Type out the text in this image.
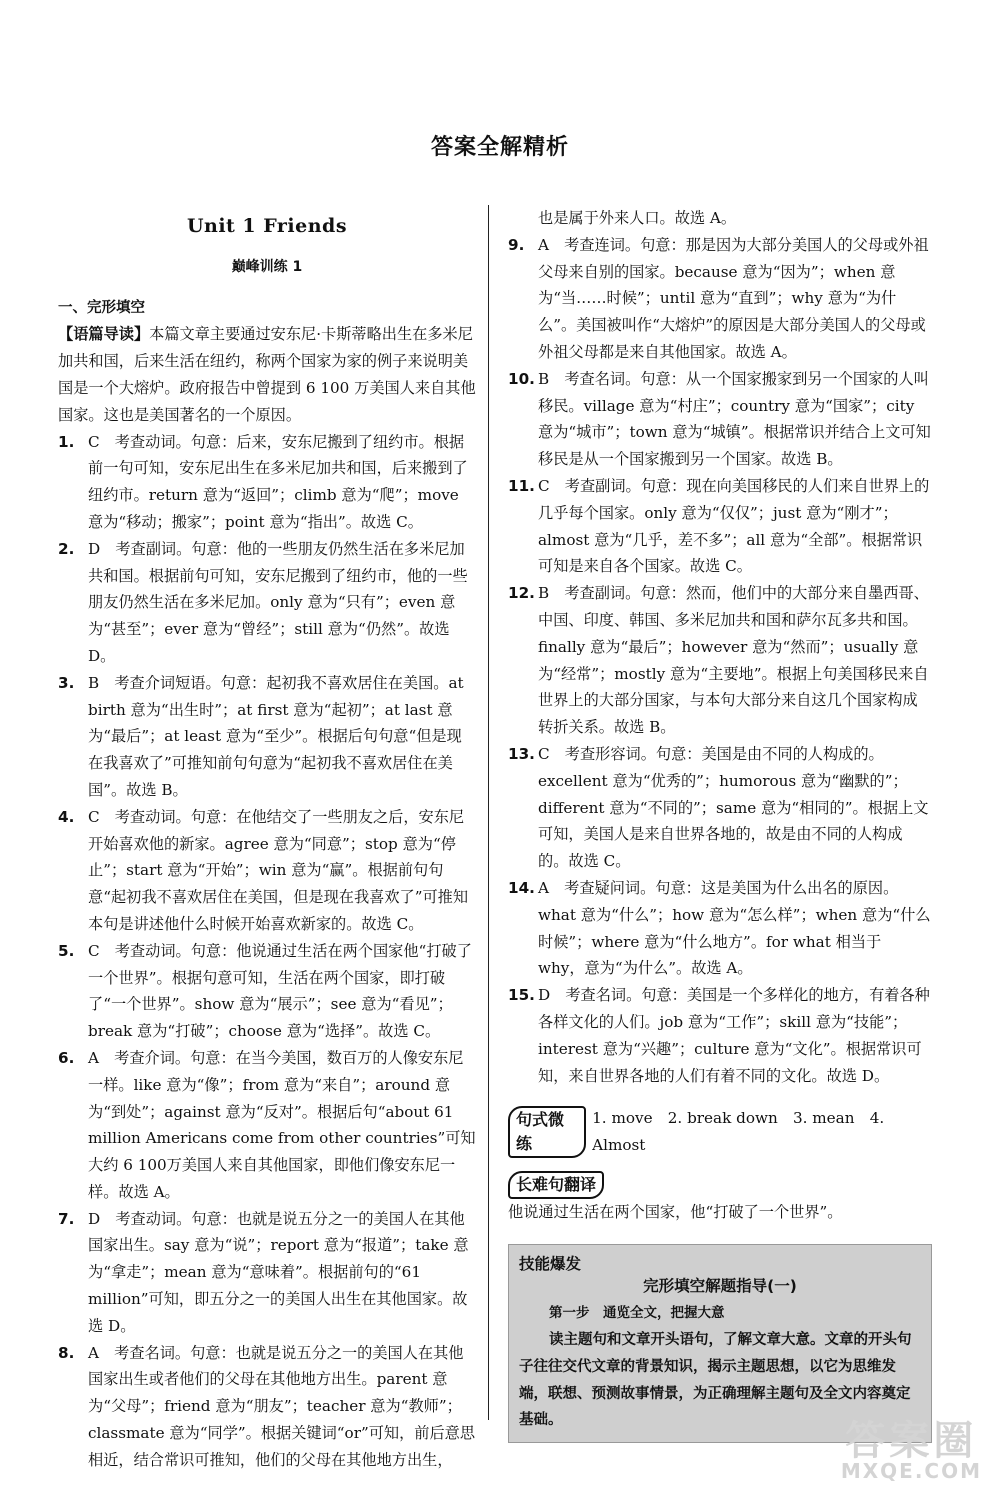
答案全解精析
Unit 1 Friends
巅峰训练 1
一、完形填空
【语篇导读】本篇文章主要通过安东尼·卡斯蒂略出生在多米尼加共和国，后来生活在纽约，称两个国家为家的例子来说明美国是一个大熔炉。政府报告中曾提到 6 100 万美国人来自其他国家。这也是美国著名的一个原因。
1. C　考查动词。句意：后来，安东尼搬到了纽约市。根据前一句可知，安东尼出生在多米尼加共和国，后来搬到了纽约市。return 意为“返回”；climb 意为“爬”；move 意为“移动；搬家”；point 意为“指出”。故选 C。
2. D　考查副词。句意：他的一些朋友仍然生活在多米尼加共和国。根据前句可知，安东尼搬到了纽约市，他的一些朋友仍然生活在多米尼加。only 意为“只有”；even 意为“甚至”；ever 意为“曾经”；still 意为“仍然”。故选 D。
3. B　考查介词短语。句意：起初我不喜欢居住在美国。at birth 意为“出生时”；at first 意为“起初”；at last 意为“最后”；at least 意为“至少”。根据后句句意“但是现在我喜欢了”可推知前句句意为“起初我不喜欢居住在美国”。故选 B。
4. C　考查动词。句意：在他结交了一些朋友之后，安东尼开始喜欢他的新家。agree 意为“同意”；stop 意为“停止”；start 意为“开始”；win 意为“赢”。根据前句句意“起初我不喜欢居住在美国，但是现在我喜欢了”可推知本句是讲述他什么时候开始喜欢新家的。故选 C。
5. C　考查动词。句意：他说通过生活在两个国家他“打破了一个世界”。根据句意可知，生活在两个国家，即打破了“一个世界”。show 意为“展示”；see 意为“看见”；break 意为“打破”；choose 意为“选择”。故选 C。
6. A　考查介词。句意：在当今美国，数百万的人像安东尼一样。like 意为“像”；from 意为“来自”；around 意为“到处”；against 意为“反对”。根据后句“about 61 million Americans come from other countries”可知大约 6 100万美国人来自其他国家，即他们像安东尼一样。故选 A。
7. D　考查动词。句意：也就是说五分之一的美国人在其他国家出生。say 意为“说”；report 意为“报道”；take 意为“拿走”；mean 意为“意味着”。根据前句的“61 million”可知，即五分之一的美国人出生在其他国家。故选 D。
8. A　考查名词。句意：也就是说五分之一的美国人在其他国家出生或者他们的父母在其他地方出生。parent 意为“父母”；friend 意为“朋友”；teacher 意为“教师”；classmate 意为“同学”。根据关键词“or”可知，前后意思相近，结合常识可推知，他们的父母在其他地方出生，
也是属于外来人口。故选 A。
9. A　考查连词。句意：那是因为大部分美国人的父母或外祖父母来自别的国家。because 意为“因为”；when 意为“当……时候”；until 意为“直到”；why 意为“为什么”。美国被叫作“大熔炉”的原因是大部分美国人的父母或外祖父母都是来自其他国家。故选 A。
10. B　考查名词。句意：从一个国家搬家到另一个国家的人叫移民。village 意为“村庄”；country 意为“国家”；city 意为“城市”；town 意为“城镇”。根据常识并结合上文可知移民是从一个国家搬到另一个国家。故选 B。
11. C　考查副词。句意：现在向美国移民的人们来自世界上的几乎每个国家。only 意为“仅仅”；just 意为“刚才”；almost 意为“几乎，差不多”；all 意为“全部”。根据常识可知是来自各个国家。故选 C。
12. B　考查副词。句意：然而，他们中的大部分来自墨西哥、中国、印度、韩国、多米尼加共和国和萨尔瓦多共和国。finally 意为“最后”；however 意为“然而”；usually 意为“经常”；mostly 意为“主要地”。根据上句美国移民来自世界上的大部分国家，与本句大部分来自这几个国家构成转折关系。故选 B。
13. C　考查形容词。句意：美国是由不同的人构成的。excellent 意为“优秀的”；humorous 意为“幽默的”；different 意为“不同的”；same 意为“相同的”。根据上文可知，美国人是来自世界各地的，故是由不同的人构成的。故选 C。
14. A　考查疑问词。句意：这是美国为什么出名的原因。what 意为“什么”；how 意为“怎么样”；when 意为“什么时候”；where 意为“什么地方”。for what 相当于 why，意为“为什么”。故选 A。
15. D　考查名词。句意：美国是一个多样化的地方，有着各种各样文化的人们。job 意为“工作”；skill 意为“技能”；interest 意为“兴趣”；culture 意为“文化”。根据常识可知，来自世界各地的人们有着不同的文化。故选 D。
句式微练
1. move　2. break down　3. mean　4. Almost
长难句翻译
他说通过生活在两个国家，他“打破了一个世界”。
技能爆发
完形填空解题指导(一)
第一步　通览全文，把握大意
读主题句和文章开头语句，了解文章大意。文章的开头句子往往交代文章的背景知识，揭示主题思想，以它为思维发端，联想、预测故事情景，为正确理解主题句及全文内容奠定基础。	答案圈
MXQE.COM
